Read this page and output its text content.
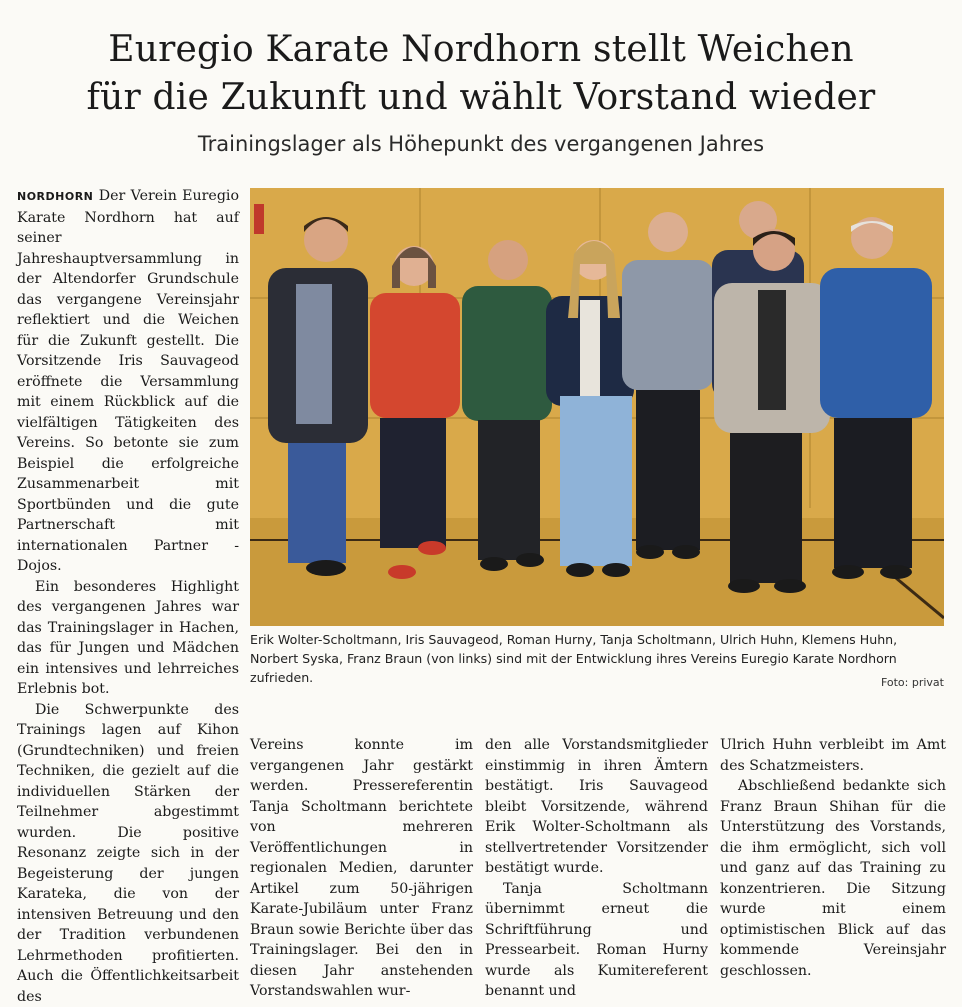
Euregio Karate Nordhorn stellt Weichen
für die Zukunft und wählt Vorstand wieder
Trainingslager als Höhepunkt des vergangenen Jahres

NORDHORN Der Verein Euregio Karate Nordhorn hat auf seiner Jahreshauptversammlung in der Altendorfer Grundschule das vergangene Vereinsjahr reflektiert und die Weichen für die Zukunft gestellt. Die Vorsitzende Iris Sauvageod eröffnete die Versammlung mit einem Rückblick auf die vielfältigen Tätigkeiten des Vereins. So betonte sie zum Beispiel die erfolgreiche Zusammenarbeit mit Sportbünden und die gute Partnerschaft mit internationalen Partner - Dojos.

Ein besonderes Highlight des vergangenen Jahres war das Trainingslager in Hachen, das für Jungen und Mädchen ein intensives und lehrreiches Erlebnis bot.

Die Schwerpunkte des Trainings lagen auf Kihon (Grundtechniken) und freien Techniken, die gezielt auf die individuellen Stärken der Teilnehmer abgestimmt wurden. Die positive Resonanz zeigte sich in der Begeisterung der jungen Karateka, die von der intensiven Betreuung und den der Tradition verbundenen Lehrmethoden profitierten. Auch die Öffentlichkeitsarbeit des

Erik Wolter-Scholtmann, Iris Sauvageod, Roman Hurny, Tanja Scholtmann, Ulrich Huhn, Klemens Huhn, Norbert Syska, Franz Braun (von links) sind mit der Entwicklung ihres Vereins Euregio Karate Nordhorn zufrieden.	Foto: privat

Vereins konnte im vergangenen Jahr gestärkt werden. Pressereferentin Tanja Scholtmann berichtete von mehreren Veröffentlichungen in regionalen Medien, darunter Artikel zum 50-jährigen Karate-Jubiläum unter Franz Braun sowie Berichte über das Trainingslager. Bei den in diesen Jahr anstehenden Vorstandswahlen wur-

den alle Vorstandsmitglieder einstimmig in ihren Ämtern bestätigt. Iris Sauvageod bleibt Vorsitzende, während Erik Wolter-Scholtmann als stellvertretender Vorsitzender bestätigt wurde.

Tanja Scholtmann übernimmt erneut die Schriftführung und Pressearbeit. Roman Hurny wurde als Kumitereferent benannt und

Ulrich Huhn verbleibt im Amt des Schatzmeisters.

Abschließend bedankte sich Franz Braun Shihan für die Unterstützung des Vorstands, die ihm ermöglicht, sich voll und ganz auf das Training zu konzentrieren. Die Sitzung wurde mit einem optimistischen Blick auf das kommende Vereinsjahr geschlossen.
